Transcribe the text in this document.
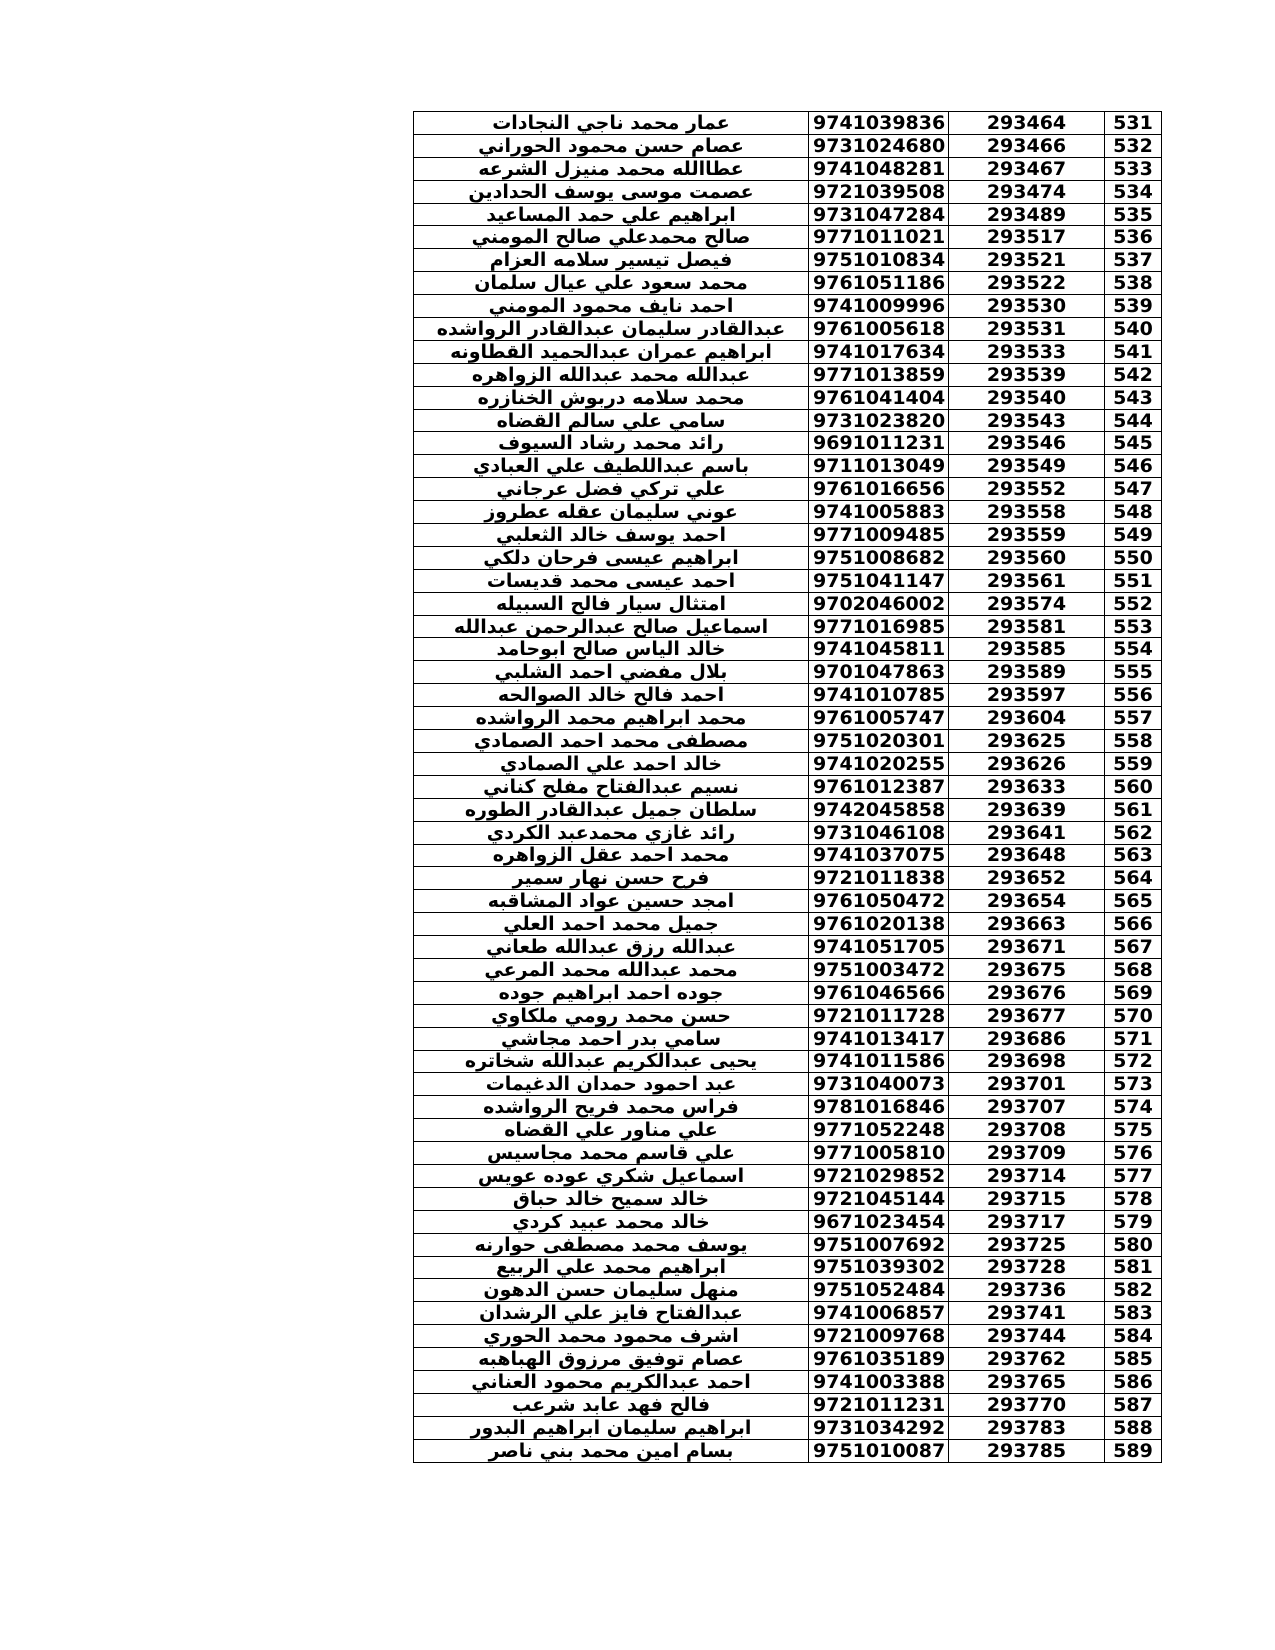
عمار محمد ناجي النجادات	9741039836	293464	531
عصام حسن محمود الحوراني	9731024680	293466	532
عطاالله محمد منيزل الشرعه	9741048281	293467	533
عصمت موسى يوسف الحدادين	9721039508	293474	534
ابراهيم علي حمد المساعيد	9731047284	293489	535
صالح محمدعلي صالح المومني	9771011021	293517	536
فيصل تيسير سلامه العزام	9751010834	293521	537
محمد سعود علي عيال سلمان	9761051186	293522	538
احمد نايف محمود المومني	9741009996	293530	539
عبدالقادر سليمان عبدالقادر الرواشده	9761005618	293531	540
ابراهيم عمران عبدالحميد القطاونه	9741017634	293533	541
عبدالله محمد عبدالله الزواهره	9771013859	293539	542
محمد سلامه دربوش الخنازره	9761041404	293540	543
سامي علي سالم القضاه	9731023820	293543	544
رائد محمد رشاد السيوف	9691011231	293546	545
باسم عبداللطيف علي العبادي	9711013049	293549	546
علي تركي فضل عرجاني	9761016656	293552	547
عوني سليمان عقله عطروز	9741005883	293558	548
احمد يوسف خالد الثعلبي	9771009485	293559	549
ابراهيم عيسى فرحان دلكي	9751008682	293560	550
احمد عيسى محمد قديسات	9751041147	293561	551
امتثال سيار فالح السبيله	9702046002	293574	552
اسماعيل صالح عبدالرحمن عبدالله	9771016985	293581	553
خالد الياس صالح ابوحامد	9741045811	293585	554
بلال مفضي احمد الشلبي	9701047863	293589	555
احمد فالح خالد الصوالحه	9741010785	293597	556
محمد ابراهيم محمد الرواشده	9761005747	293604	557
مصطفى محمد احمد الصمادي	9751020301	293625	558
خالد احمد علي الصمادي	9741020255	293626	559
نسيم عبدالفتاح مفلح كناني	9761012387	293633	560
سلطان جميل عبدالقادر الطوره	9742045858	293639	561
رائد غازي محمدعبد الكردي	9731046108	293641	562
محمد احمد عقل الزواهره	9741037075	293648	563
فرح حسن نهار سمير	9721011838	293652	564
امجد حسين عواد المشاقبه	9761050472	293654	565
جميل محمد احمد العلي	9761020138	293663	566
عبدالله رزق عبدالله طعاني	9741051705	293671	567
محمد عبدالله محمد المرعي	9751003472	293675	568
جوده احمد ابراهيم جوده	9761046566	293676	569
حسن محمد رومي ملكاوي	9721011728	293677	570
سامي بدر احمد مجاشي	9741013417	293686	571
يحيى عبدالكريم عبدالله شخاتره	9741011586	293698	572
عبد احمود حمدان الدغيمات	9731040073	293701	573
فراس محمد فريح الرواشده	9781016846	293707	574
علي مناور علي القضاه	9771052248	293708	575
علي قاسم محمد مجاسيس	9771005810	293709	576
اسماعيل شكري عوده عويس	9721029852	293714	577
خالد سميح خالد حباق	9721045144	293715	578
خالد محمد عبيد كردي	9671023454	293717	579
يوسف محمد مصطفى حوارنه	9751007692	293725	580
ابراهيم محمد علي الربيع	9751039302	293728	581
منهل سليمان حسن الدهون	9751052484	293736	582
عبدالفتاح فايز علي الرشدان	9741006857	293741	583
اشرف محمود محمد الحوري	9721009768	293744	584
عصام توفيق مرزوق الهباهبه	9761035189	293762	585
احمد عبدالكريم محمود العناني	9741003388	293765	586
فالح فهد عابد شرعب	9721011231	293770	587
ابراهيم سليمان ابراهيم البدور	9731034292	293783	588
بسام امين محمد بني ناصر	9751010087	293785	589
